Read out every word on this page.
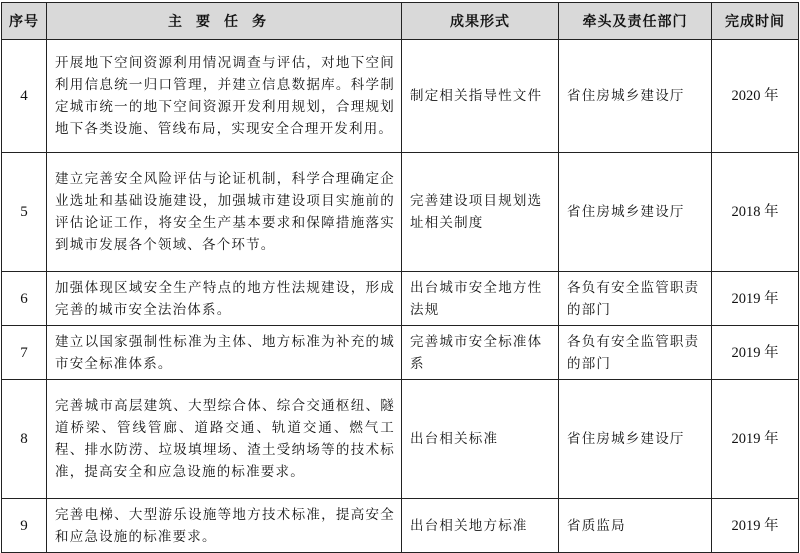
序号	主要任务	成果形式	牵头及责任部门	完成时间
4	开展地下空间资源利用情况调查与评估，对地下空间利用信息统一归口管理，并建立信息数据库。科学制定城市统一的地下空间资源开发利用规划，合理规划地下各类设施、管线布局，实现安全合理开发利用。	制定相关指导性文件	省住房城乡建设厅	2020 年
5	建立完善安全风险评估与论证机制，科学合理确定企业选址和基础设施建设，加强城市建设项目实施前的评估论证工作，将安全生产基本要求和保障措施落实到城市发展各个领域、各个环节。	完善建设项目规划选址相关制度	省住房城乡建设厅	2018 年
6	加强体现区域安全生产特点的地方性法规建设，形成完善的城市安全法治体系。	出台城市安全地方性法规	各负有安全监管职责的部门	2019 年
7	建立以国家强制性标准为主体、地方标准为补充的城市安全标准体系。	完善城市安全标准体系	各负有安全监管职责的部门	2019 年
8	完善城市高层建筑、大型综合体、综合交通枢纽、隧道桥梁、管线管廊、道路交通、轨道交通、燃气工程、排水防涝、垃圾填埋场、渣土受纳场等的技术标准，提高安全和应急设施的标准要求。	出台相关标准	省住房城乡建设厅	2019 年
9	完善电梯、大型游乐设施等地方技术标准，提高安全和应急设施的标准要求。	出台相关地方标准	省质监局	2019 年
